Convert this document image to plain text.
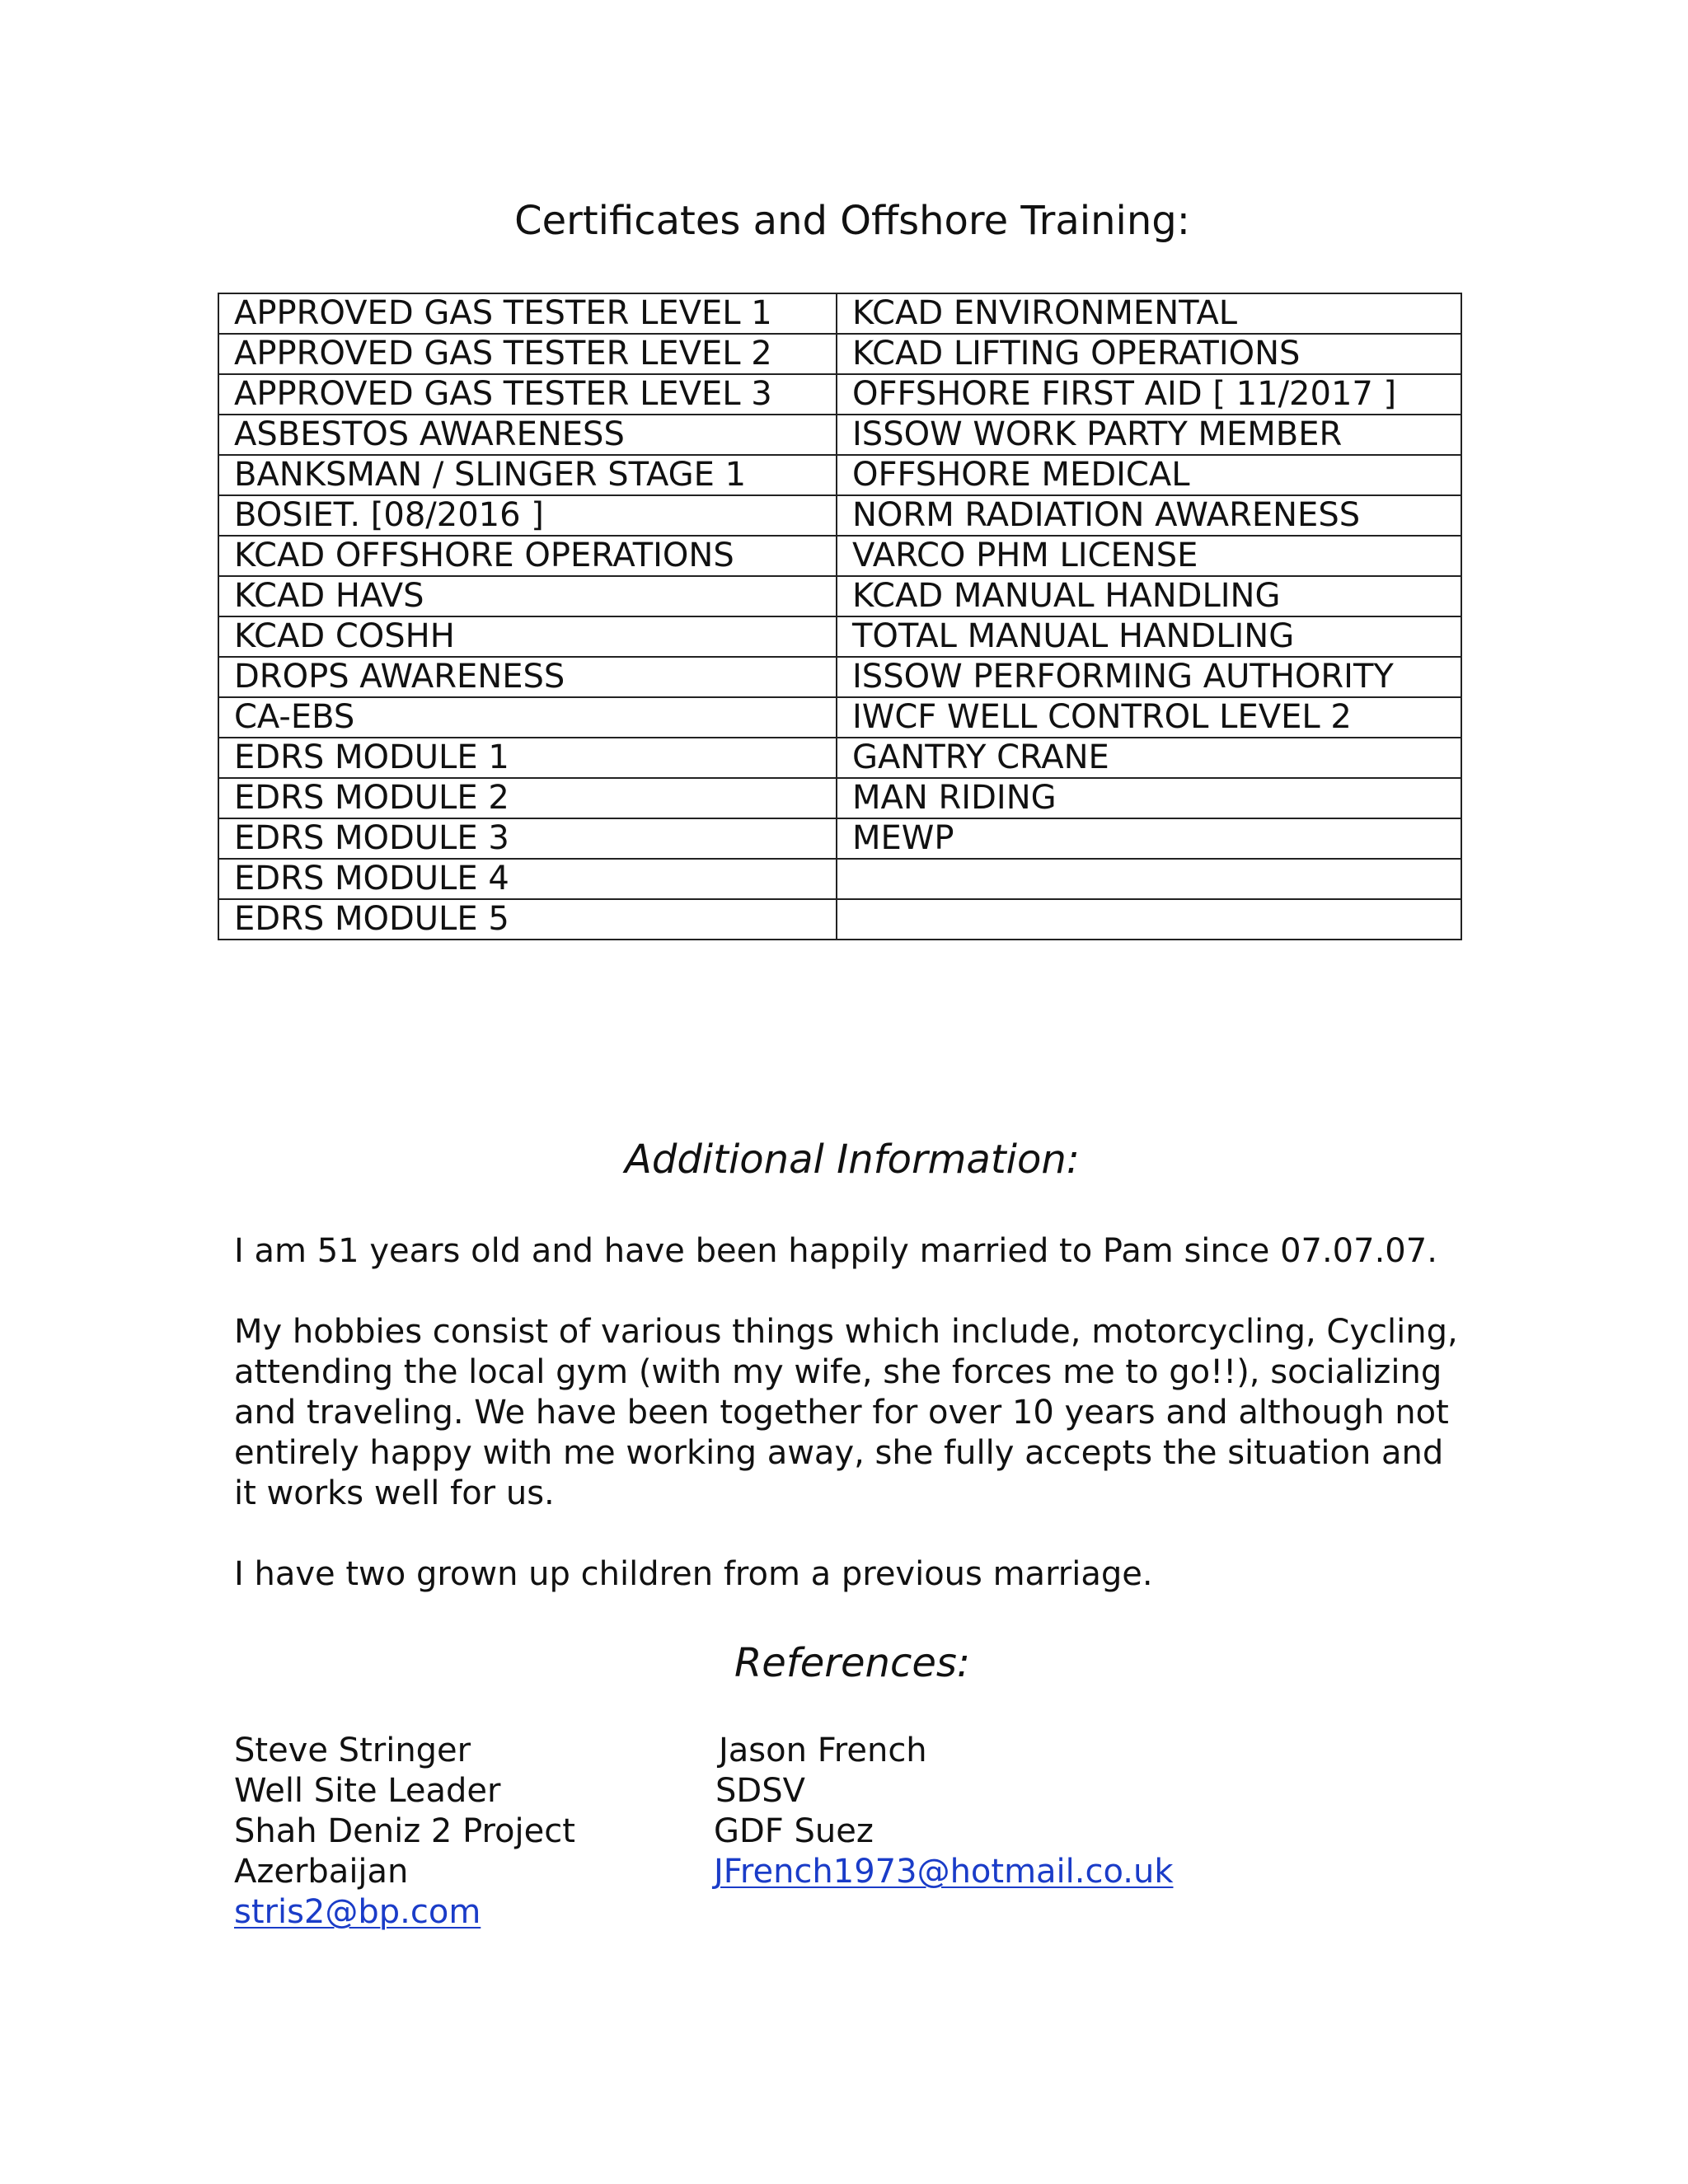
Certificates and Offshore Training:
APPROVED GAS TESTER LEVEL 1	KCAD ENVIRONMENTAL
APPROVED GAS TESTER LEVEL 2	KCAD LIFTING OPERATIONS
APPROVED GAS TESTER LEVEL 3	OFFSHORE FIRST AID [ 11/2017 ]
ASBESTOS AWARENESS	ISSOW WORK PARTY MEMBER
BANKSMAN / SLINGER STAGE 1	OFFSHORE MEDICAL
BOSIET. [08/2016 ]	NORM RADIATION AWARENESS
KCAD OFFSHORE OPERATIONS	VARCO PHM LICENSE
KCAD HAVS	KCAD MANUAL HANDLING
KCAD COSHH	TOTAL MANUAL HANDLING
DROPS AWARENESS	ISSOW PERFORMING AUTHORITY
CA-EBS	IWCF WELL CONTROL LEVEL 2
EDRS MODULE 1	GANTRY CRANE
EDRS MODULE 2	MAN RIDING
EDRS MODULE 3	MEWP
EDRS MODULE 4	
EDRS MODULE 5	
Additional Information:

I am 51 years old and have been happily married to Pam since 07.07.07.

My hobbies consist of various things which include, motorcycling, Cycling, attending the local gym (with my wife, she forces me to go!!), socializing and traveling. We have been together for over 10 years and although not entirely happy with me working away, she fully accepts the situation and it works well for us.

I have two grown up children from a previous marriage.

References:
Steve Stringer
Well Site Leader
Shah Deniz 2 Project
Azerbaijan
stris2@bp.com
Jason French
SDSV
GDF Suez
JFrench1973@hotmail.co.uk
